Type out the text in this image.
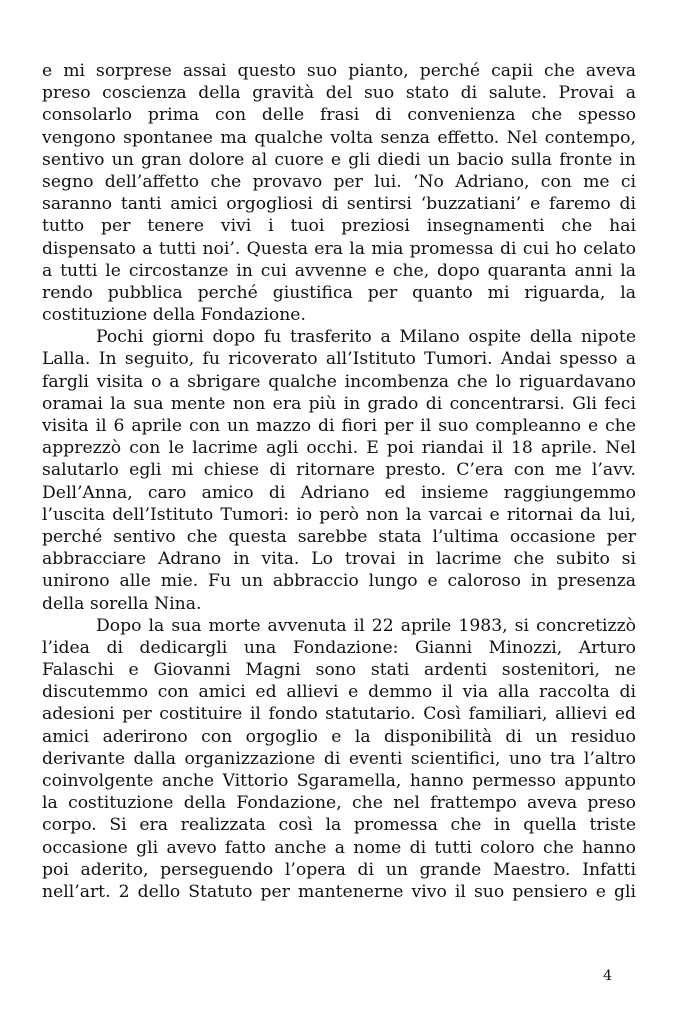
e mi sorprese assai questo suo pianto, perché capii che aveva
preso coscienza della gravità del suo stato di salute. Provai a
consolarlo prima con delle frasi di convenienza che spesso
vengono spontanee ma qualche volta senza effetto. Nel contempo,
sentivo un gran dolore al cuore e gli diedi un bacio sulla fronte in
segno dell’affetto che provavo per lui. ‘No Adriano, con me ci
saranno tanti amici orgogliosi di sentirsi ‘buzzatiani’ e faremo di
tutto per tenere vivi i tuoi preziosi insegnamenti che hai
dispensato a tutti noi’. Questa era la mia promessa di cui ho celato
a tutti le circostanze in cui avvenne e che, dopo quaranta anni la
rendo pubblica perché giustifica per quanto mi riguarda, la
costituzione della Fondazione.
Pochi giorni dopo fu trasferito a Milano ospite della nipote
Lalla. In seguito, fu ricoverato all’Istituto Tumori. Andai spesso a
fargli visita o a sbrigare qualche incombenza che lo riguardavano
oramai la sua mente non era più in grado di concentrarsi. Gli feci
visita il 6 aprile con un mazzo di fiori per il suo compleanno e che
apprezzò con le lacrime agli occhi. E poi riandai il 18 aprile. Nel
salutarlo egli mi chiese di ritornare presto. C’era con me l’avv.
Dell’Anna, caro amico di Adriano ed insieme raggiungemmo
l’uscita dell’Istituto Tumori: io però non la varcai e ritornai da lui,
perché sentivo che questa sarebbe stata l’ultima occasione per
abbracciare Adrano in vita. Lo trovai in lacrime che subito si
unirono alle mie. Fu un abbraccio lungo e caloroso in presenza
della sorella Nina.
Dopo la sua morte avvenuta il 22 aprile 1983, si concretizzò
l’idea di dedicargli una Fondazione: Gianni Minozzi, Arturo
Falaschi e Giovanni Magni sono stati ardenti sostenitori, ne
discutemmo con amici ed allievi e demmo il via alla raccolta di
adesioni per costituire il fondo statutario. Così familiari, allievi ed
amici aderirono con orgoglio e la disponibilità di un residuo
derivante dalla organizzazione di eventi scientifici, uno tra l’altro
coinvolgente anche Vittorio Sgaramella, hanno permesso appunto
la costituzione della Fondazione, che nel frattempo aveva preso
corpo. Si era realizzata così la promessa che in quella triste
occasione gli avevo fatto anche a nome di tutti coloro che hanno
poi aderito, perseguendo l’opera di un grande Maestro. Infatti
nell’art. 2 dello Statuto per mantenerne vivo il suo pensiero e gli
4
